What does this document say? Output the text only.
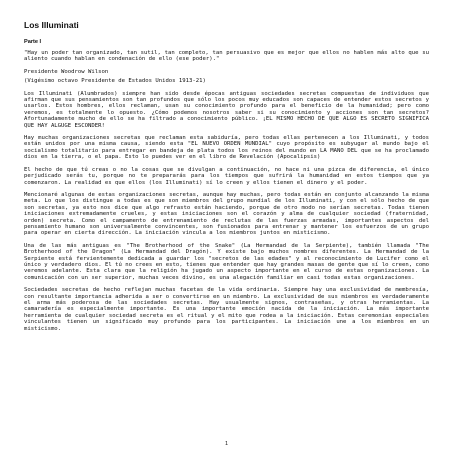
Los Illuminati
Parte I

"Hay un poder tan organizado, tan sutil, tan completo, tan persuasivo que es mejor que ellos no hablen más alto que su aliento cuando hablan en condenación de ello (ese poder)."

Presidente Woodrow Wilson

(Vigésimo octavo Presidente de Estados Unidos 1913-21)

Los Illuminati (Alumbrados) siempre han sido desde épocas antiguas sociedades secretas compuestas de individuos que afirman que sus pensamientos son tan profundos que sólo los pocos muy educados son capaces de entender estos secretos y usarlos. Estos hombres, ellos reclaman, usan su conocimiento profundo para el beneficio de la humanidad; pero como veremos, es totalmente lo opuesto. ¿Cómo podemos nosotros saber si su conocimiento y acciones son tan secretos? Afortunadamente mucho de ello se ha filtrado a conocimiento público. ¡EL MISMO HECHO DE QUE ALGO ES SECRETO SIGNIFICA QUE HAY ALGUGE ESCONDER!

Hay muchas organizaciones secretas que reclaman esta sabiduría, pero todas ellas pertenecen a los Illuminati, y todos están unidos por una misma causa, siendo esta "EL NUEVO ORDEN MUNDIAL" cuyo propósito es subyugar al mundo bajo el socialismo totalitario para entregar en bandeja de plata todos los reinos del mundo en LA MANO DEL que se ha proclamado dios en la tierra, o el papa. Esto lo puedes ver en el libro de Revelación (Apocalipsis)

El hecho de que tú creas o no la cosas que se divulgan a continuación, no hace ni una pizca de diferencia, el único perjudicado serás tu, porque no te prepararás para los tiempos que sufrirá la humanidad en estos tiempos que ya comenzaron. La realidad es que ellos (los Illuminati) sí lo creen y ellos tienen el dinero y el poder.

Mencionaré algunas de estas organizaciones secretas, aunque hay muchas, pero todas están en conjunto alcanzando la misma meta. Lo que los distingue a todas es que son miembros del grupo mundial de los Illuminati, y con el sólo hecho de que son secretas, ya esto nos dice que algo refrasto están haciendo, porque de otro modo no serían secretas. Todas tienen iniciaciones extremadamente crueles, y estas iniciaciones son el corazón y alma de cualquier sociedad (fraternidad, orden) secreta. Como el campamento de entrenamiento de reclutas de las fuerzas armadas, importantes aspectos del pensamiento humano son universalmente convincentes, son fusionados para entrenar y mantener los esfuerzos de un grupo para operar en cierta dirección. La iniciación vincula a los miembros juntos en misticismo.

Una de las más antiguas es "The Brotherhood of the Snake" (La Hermandad de la Serpiente), también llamada "The Brotherhood of the Dragon" (La Hermandad del Dragón). Y existe bajo muchos nombres diferentes. La Hermandad de la Serpiente está fervientemente dedicada a guardar los "secretos de las edades" y al reconocimiento de Lucifer como el único y verdadero dios. El tú no crees en esto, tienes que entender que hay grandes masas de gente que sí lo creen, como veremos adelante. Esta clara que la religión ha jugado un aspecto importante en el curso de estas organizaciones. La comunicación con un ser superior, muchas veces divino, es una alegación familiar en casi todas estas organizaciones.

Sociedades secretas de hecho reflejan muchas facetas de la vida ordinaria. Siempre hay una exclusividad de membresía, con resultante importancia adherida a ser o convertirse en un miembro. La exclusividad de sus miembros es verdaderamente el arma más poderosa de las sociedades secretas. Hay usualmente signos, contraseñas, y otras herramientas. La camaradería es especialmente importante. Es una importante emoción nacida de la iniciación. La más importante herramienta de cualquier sociedad secreta es el ritual y el mito que rodea a la iniciación. Estas ceremonias especiales vinculantes tienen un significado muy profundo para los participantes. La iniciación une a los miembros en un misticismo.

1
